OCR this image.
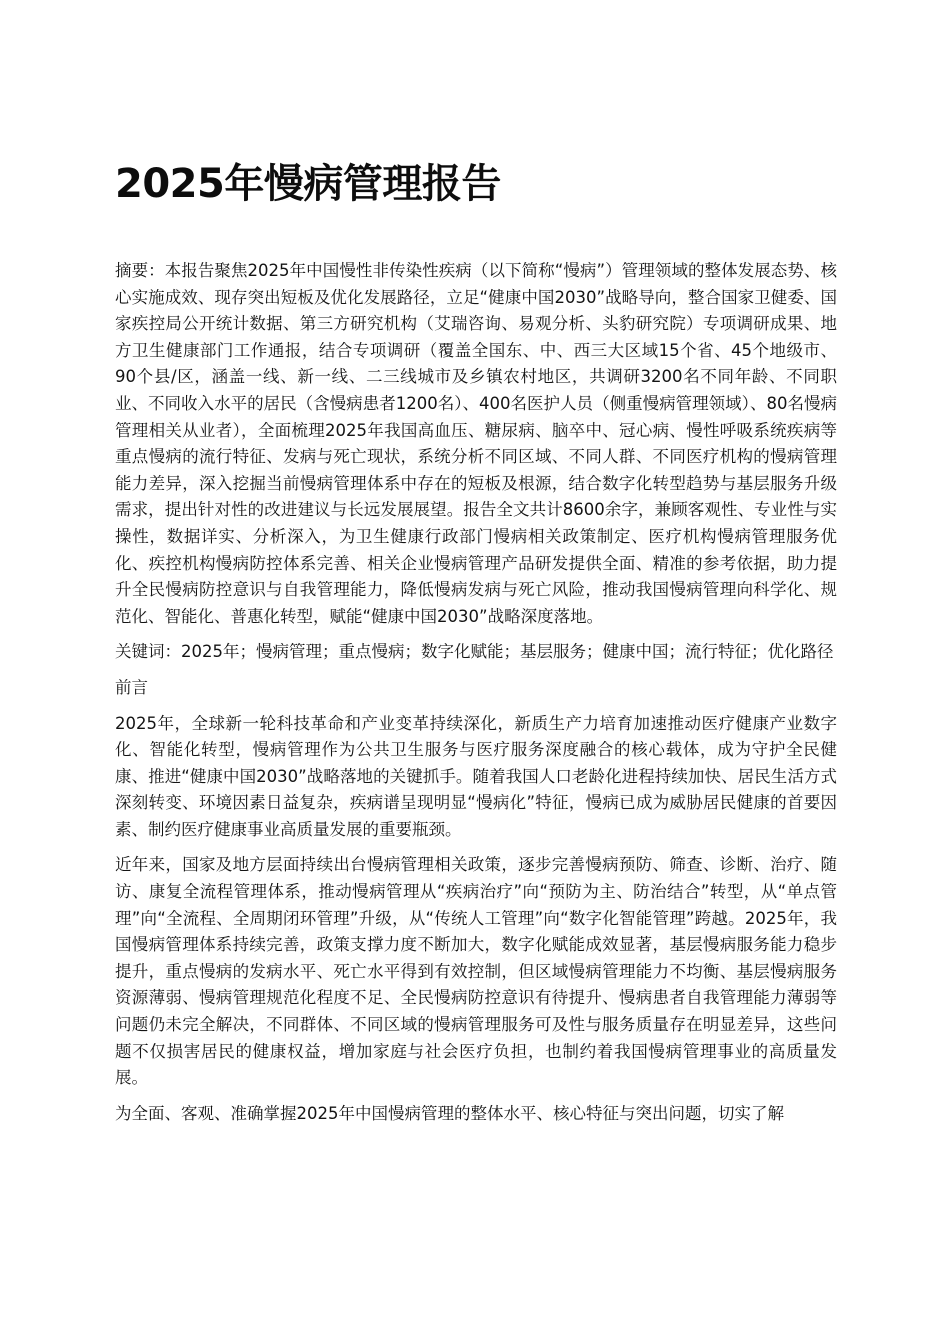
2025年慢病管理报告

摘要：本报告聚焦2025年中国慢性非传染性疾病（以下简称“慢病”）管理领域的整体发展态势、核心实施成效、现存突出短板及优化发展路径，立足“健康中国2030”战略导向，整合国家卫健委、国家疾控局公开统计数据、第三方研究机构（艾瑞咨询、易观分析、头豹研究院）专项调研成果、地方卫生健康部门工作通报，结合专项调研（覆盖全国东、中、西三大区域15个省、45个地级市、90个县/区，涵盖一线、新一线、二三线城市及乡镇农村地区，共调研3200名不同年龄、不同职业、不同收入水平的居民（含慢病患者1200名）、400名医护人员（侧重慢病管理领域）、80名慢病管理相关从业者），全面梳理2025年我国高血压、糖尿病、脑卒中、冠心病、慢性呼吸系统疾病等重点慢病的流行特征、发病与死亡现状，系统分析不同区域、不同人群、不同医疗机构的慢病管理能力差异，深入挖掘当前慢病管理体系中存在的短板及根源，结合数字化转型趋势与基层服务升级需求，提出针对性的改进建议与长远发展展望。报告全文共计8600余字，兼顾客观性、专业性与实操性，数据详实、分析深入，为卫生健康行政部门慢病相关政策制定、医疗机构慢病管理服务优化、疾控机构慢病防控体系完善、相关企业慢病管理产品研发提供全面、精准的参考依据，助力提升全民慢病防控意识与自我管理能力，降低慢病发病与死亡风险，推动我国慢病管理向科学化、规范化、智能化、普惠化转型，赋能“健康中国2030”战略深度落地。

关键词：2025年；慢病管理；重点慢病；数字化赋能；基层服务；健康中国；流行特征；优化路径

前言

2025年，全球新一轮科技革命和产业变革持续深化，新质生产力培育加速推动医疗健康产业数字化、智能化转型，慢病管理作为公共卫生服务与医疗服务深度融合的核心载体，成为守护全民健康、推进“健康中国2030”战略落地的关键抓手。随着我国人口老龄化进程持续加快、居民生活方式深刻转变、环境因素日益复杂，疾病谱呈现明显“慢病化”特征，慢病已成为威胁居民健康的首要因素、制约医疗健康事业高质量发展的重要瓶颈。

近年来，国家及地方层面持续出台慢病管理相关政策，逐步完善慢病预防、筛查、诊断、治疗、随访、康复全流程管理体系，推动慢病管理从“疾病治疗”向“预防为主、防治结合”转型，从“单点管理”向“全流程、全周期闭环管理”升级，从“传统人工管理”向“数字化智能管理”跨越。2025年，我国慢病管理体系持续完善，政策支撑力度不断加大，数字化赋能成效显著，基层慢病服务能力稳步提升，重点慢病的发病水平、死亡水平得到有效控制，但区域慢病管理能力不均衡、基层慢病服务资源薄弱、慢病管理规范化程度不足、全民慢病防控意识有待提升、慢病患者自我管理能力薄弱等问题仍未完全解决，不同群体、不同区域的慢病管理服务可及性与服务质量存在明显差异，这些问题不仅损害居民的健康权益，增加家庭与社会医疗负担，也制约着我国慢病管理事业的高质量发展。

为全面、客观、准确掌握2025年中国慢病管理的整体水平、核心特征与突出问题，切实了解
